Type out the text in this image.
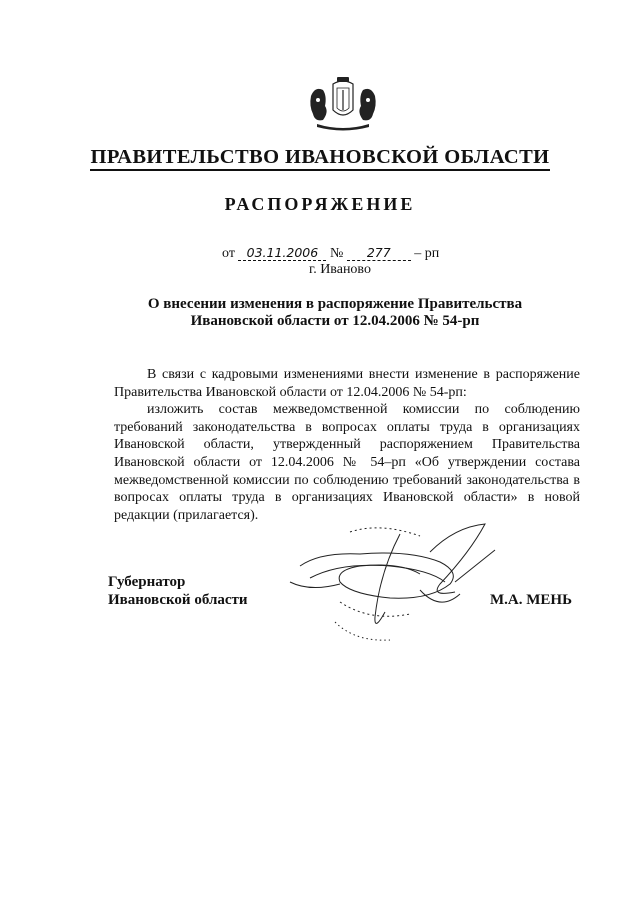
ПРАВИТЕЛЬСТВО ИВАНОВСКОЙ ОБЛАСТИ
РАСПОРЯЖЕНИЕ
от 03.11.2006 № 277 – рп
г. Иваново
О внесении изменения в распоряжение Правительства
Ивановской области от 12.04.2006 № 54-рп

В связи с кадровыми изменениями внести изменение в распоряжение Правительства Ивановской области от 12.04.2006 № 54-рп:

изложить состав межведомственной комиссии по соблюдению требований законодательства в вопросах оплаты труда в организациях Ивановской области, утвержденный распоряжением Правительства Ивановской области от 12.04.2006 № 54–рп «Об утверждении состава межведомственной комиссии по соблюдению требований законодательства в вопросах оплаты труда в организациях Ивановской области» в новой редакции (прилагается).

Губернатор
Ивановской области	М.А. МЕНЬ
